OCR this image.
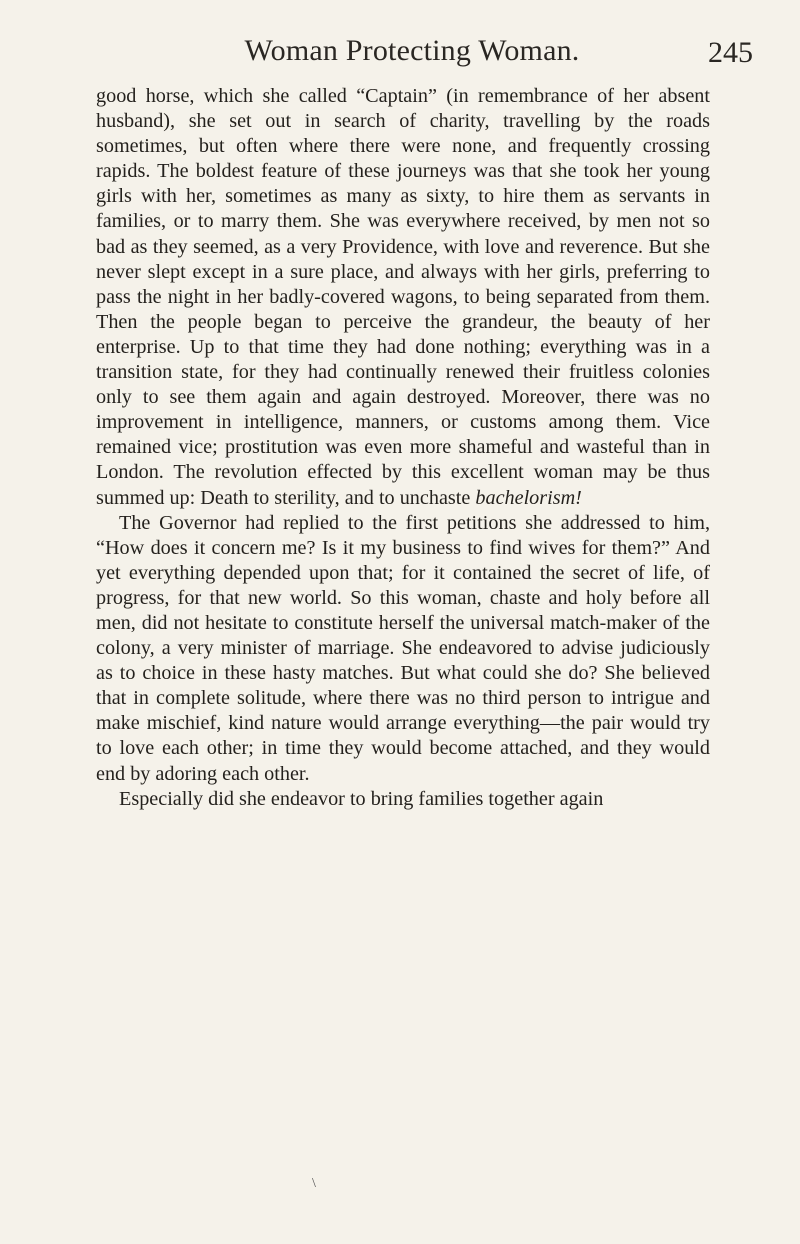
Woman Protecting Woman.	245

good horse, which she called “Captain” (in remembrance of her absent husband), she set out in search of charity, travelling by the roads sometimes, but often where there were none, and frequently crossing rapids. The boldest feature of these journeys was that she took her young girls with her, sometimes as many as sixty, to hire them as servants in families, or to marry them. She was everywhere received, by men not so bad as they seemed, as a very Providence, with love and reverence. But she never slept except in a sure place, and always with her girls, preferring to pass the night in her badly-covered wagons, to being separated from them. Then the people began to perceive the grandeur, the beauty of her enterprise. Up to that time they had done nothing; everything was in a transition state, for they had continually renewed their fruitless colonies only to see them again and again destroyed. Moreover, there was no improvement in intelligence, manners, or customs among them. Vice remained vice; prostitution was even more shameful and wasteful than in London. The revolution effected by this excellent woman may be thus summed up: Death to sterility, and to unchaste bachelorism!

The Governor had replied to the first petitions she addressed to him, “How does it concern me? Is it my business to find wives for them?” And yet everything depended upon that; for it contained the secret of life, of progress, for that new world. So this woman, chaste and holy before all men, did not hesitate to constitute herself the universal match-maker of the colony, a very minister of marriage. She endeavored to advise judiciously as to choice in these hasty matches. But what could she do? She believed that in complete solitude, where there was no third person to intrigue and make mischief, kind nature would arrange everything—the pair would try to love each other; in time they would become attached, and they would end by adoring each other.

Especially did she endeavor to bring families together again

\
